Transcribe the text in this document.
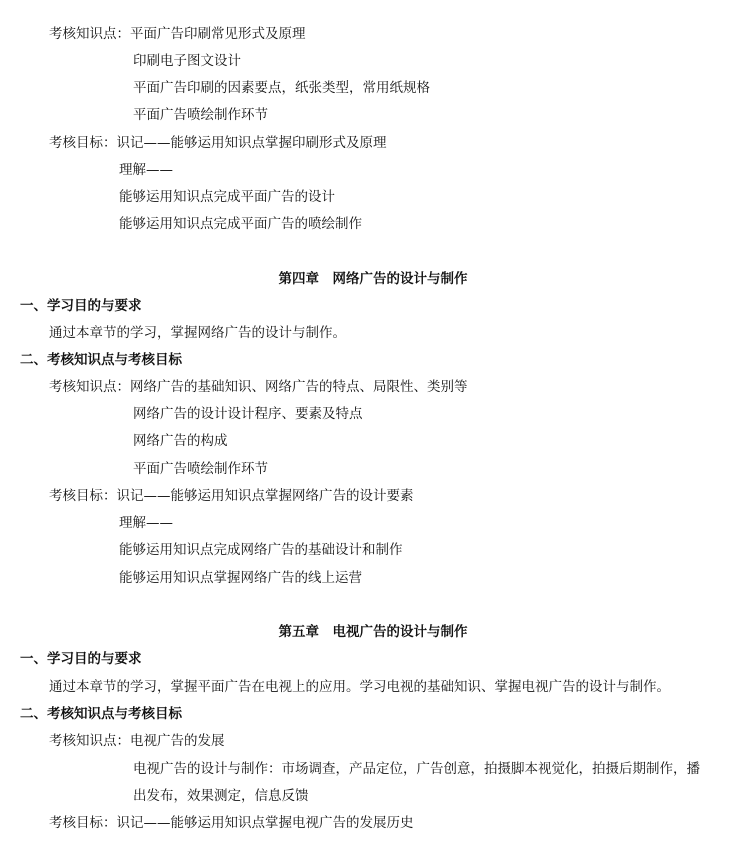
考核知识点：平面广告印刷常见形式及原理
印刷电子图文设计
平面广告印刷的因素要点，纸张类型，常用纸规格
平面广告喷绘制作环节
考核目标：识记——能够运用知识点掌握印刷形式及原理
理解——
能够运用知识点完成平面广告的设计
能够运用知识点完成平面广告的喷绘制作
第四章　网络广告的设计与制作
一、学习目的与要求
通过本章节的学习，掌握网络广告的设计与制作。
二、考核知识点与考核目标
考核知识点：网络广告的基础知识、网络广告的特点、局限性、类别等
网络广告的设计设计程序、要素及特点
网络广告的构成
平面广告喷绘制作环节
考核目标：识记——能够运用知识点掌握网络广告的设计要素
理解——
能够运用知识点完成网络广告的基础设计和制作
能够运用知识点掌握网络广告的线上运营
第五章　电视广告的设计与制作
一、学习目的与要求
通过本章节的学习，掌握平面广告在电视上的应用。学习电视的基础知识、掌握电视广告的设计与制作。
二、考核知识点与考核目标
考核知识点：电视广告的发展
电视广告的设计与制作：市场调查，产品定位，广告创意，拍摄脚本视觉化，拍摄后期制作，播
出发布，效果测定，信息反馈
考核目标：识记——能够运用知识点掌握电视广告的发展历史
